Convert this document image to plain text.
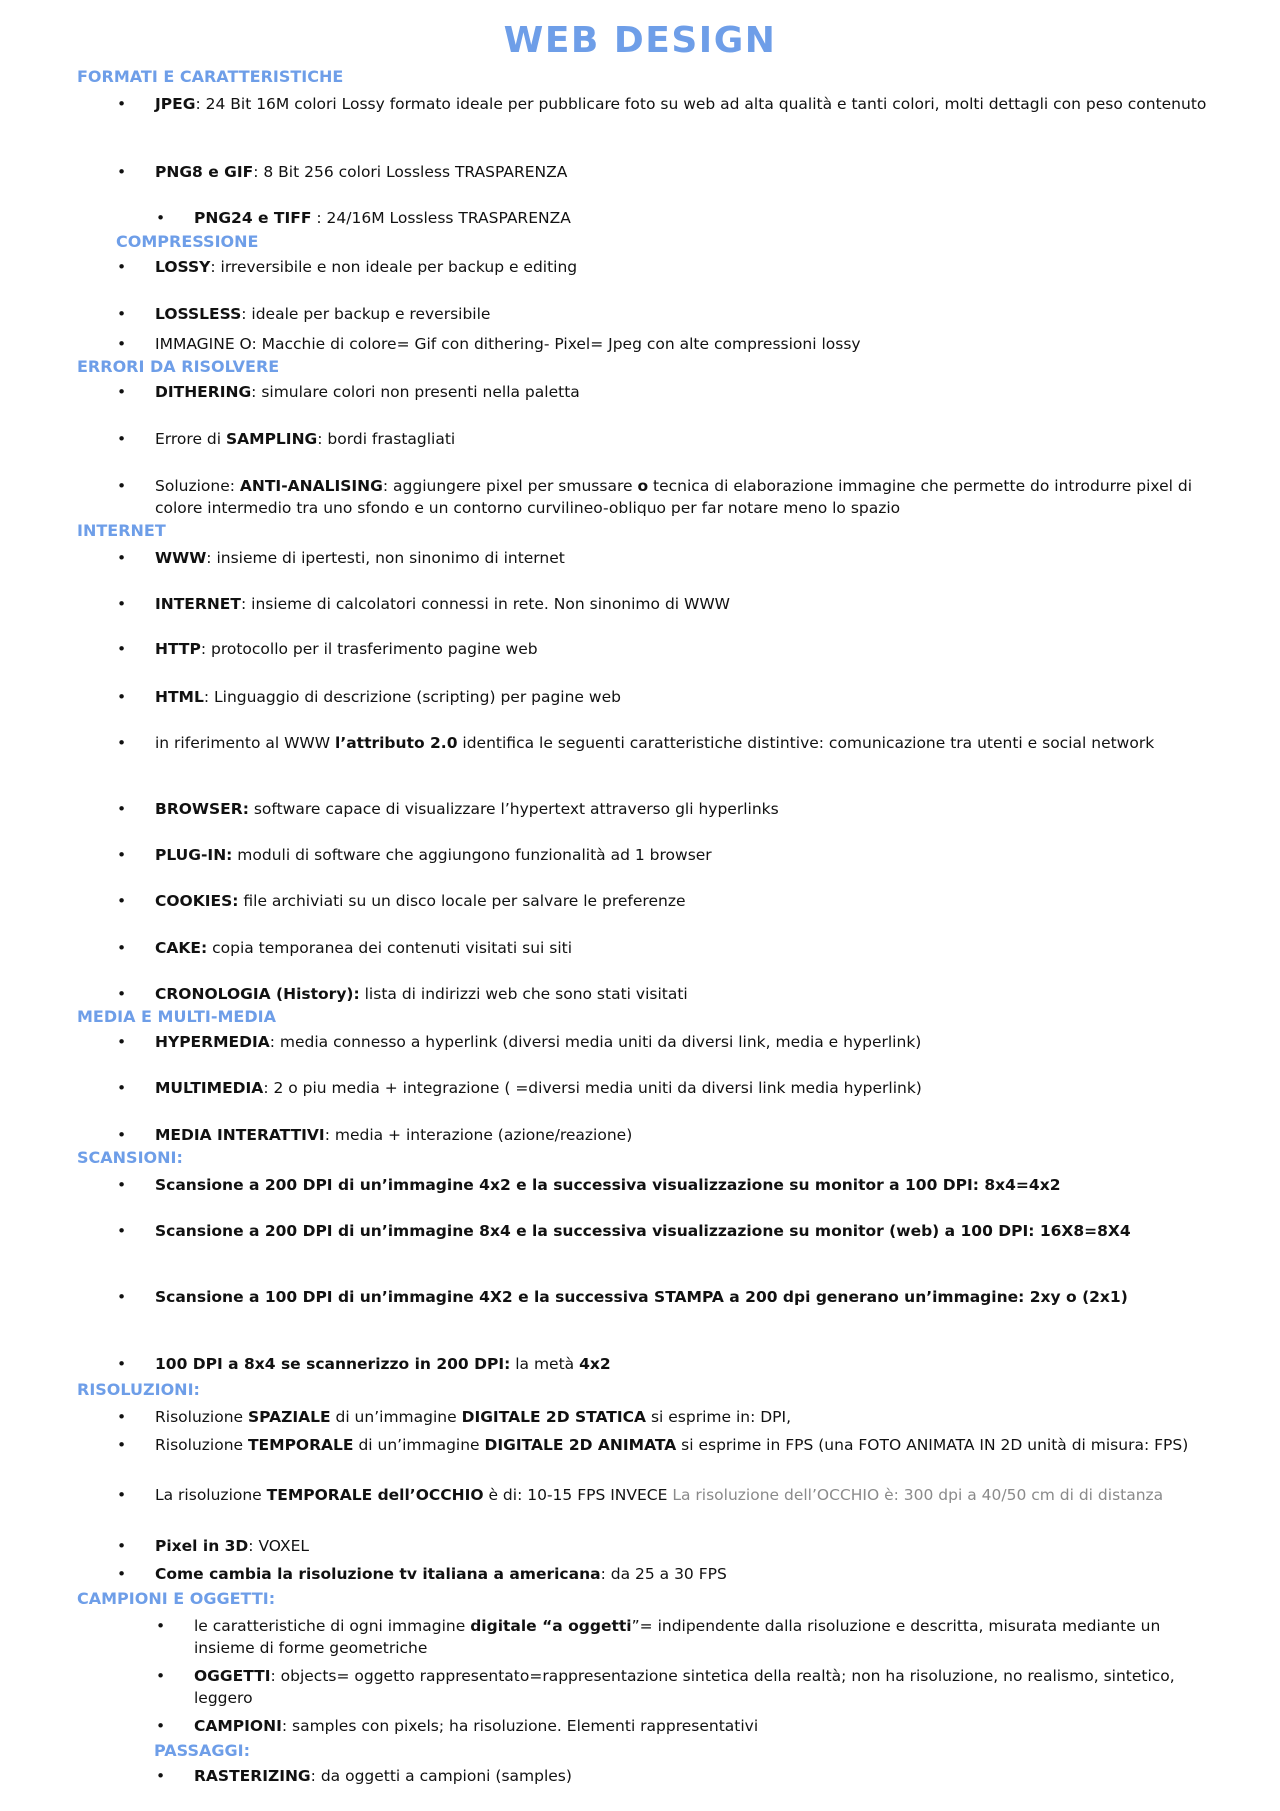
WEB DESIGN
FORMATI E CARATTERISTICHE
• JPEG: 24 Bit 16M colori Lossy formato ideale per pubblicare foto su web ad alta qualità e tanti colori, molti dettagli con peso contenuto
• PNG8 e GIF: 8 Bit 256 colori Lossless TRASPARENZA
• PNG24 e TIFF : 24/16M Lossless TRASPARENZA
COMPRESSIONE
• LOSSY: irreversibile e non ideale per backup e editing
• LOSSLESS: ideale per backup e reversibile
• IMMAGINE O: Macchie di colore= Gif con dithering- Pixel= Jpeg con alte compressioni lossy
ERRORI DA RISOLVERE
• DITHERING: simulare colori non presenti nella paletta
• Errore di SAMPLING: bordi frastagliati
• Soluzione: ANTI-ANALISING: aggiungere pixel per smussare o tecnica di elaborazione immagine che permette do introdurre pixel di colore intermedio tra uno sfondo e un contorno curvilineo-obliquo per far notare meno lo spazio
INTERNET
• WWW: insieme di ipertesti, non sinonimo di internet
• INTERNET: insieme di calcolatori connessi in rete. Non sinonimo di WWW
• HTTP: protocollo per il trasferimento pagine web
• HTML: Linguaggio di descrizione (scripting) per pagine web
• in riferimento al WWW l’attributo 2.0 identifica le seguenti caratteristiche distintive: comunicazione tra utenti e social network
• BROWSER: software capace di visualizzare l’hypertext attraverso gli hyperlinks
• PLUG-IN: moduli di software che aggiungono funzionalità ad 1 browser
• COOKIES: file archiviati su un disco locale per salvare le preferenze
• CAKE: copia temporanea dei contenuti visitati sui siti
• CRONOLOGIA (History): lista di indirizzi web che sono stati visitati
MEDIA E MULTI-MEDIA
• HYPERMEDIA: media connesso a hyperlink (diversi media uniti da diversi link, media e hyperlink)
• MULTIMEDIA: 2 o piu media + integrazione ( =diversi media uniti da diversi link media hyperlink)
• MEDIA INTERATTIVI: media + interazione (azione/reazione)
SCANSIONI:
• Scansione a 200 DPI di un’immagine 4x2 e la successiva visualizzazione su monitor a 100 DPI: 8x4=4x2
• Scansione a 200 DPI di un’immagine 8x4 e la successiva visualizzazione su monitor (web) a 100 DPI: 16X8=8X4
• Scansione a 100 DPI di un’immagine 4X2 e la successiva STAMPA a 200 dpi generano un’immagine: 2xy o (2x1)
• 100 DPI a 8x4 se scannerizzo in 200 DPI: la metà 4x2
RISOLUZIONI:
• Risoluzione SPAZIALE di un’immagine DIGITALE 2D STATICA si esprime in: DPI,
• Risoluzione TEMPORALE di un’immagine DIGITALE 2D ANIMATA si esprime in FPS (una FOTO ANIMATA IN 2D unità di misura: FPS)
• La risoluzione TEMPORALE dell’OCCHIO è di: 10-15 FPS INVECE La risoluzione dell’OCCHIO è: 300 dpi a 40/50 cm di di distanza
• Pixel in 3D: VOXEL
• Come cambia la risoluzione tv italiana a americana: da 25 a 30 FPS
CAMPIONI E OGGETTI:
• le caratteristiche di ogni immagine digitale “a oggetti”= indipendente dalla risoluzione e descritta, misurata mediante un insieme di forme geometriche
• OGGETTI: objects= oggetto rappresentato=rappresentazione sintetica della realtà; non ha risoluzione, no realismo, sintetico, leggero
• CAMPIONI: samples con pixels; ha risoluzione. Elementi rappresentativi
PASSAGGI:
• RASTERIZING: da oggetti a campioni (samples)
